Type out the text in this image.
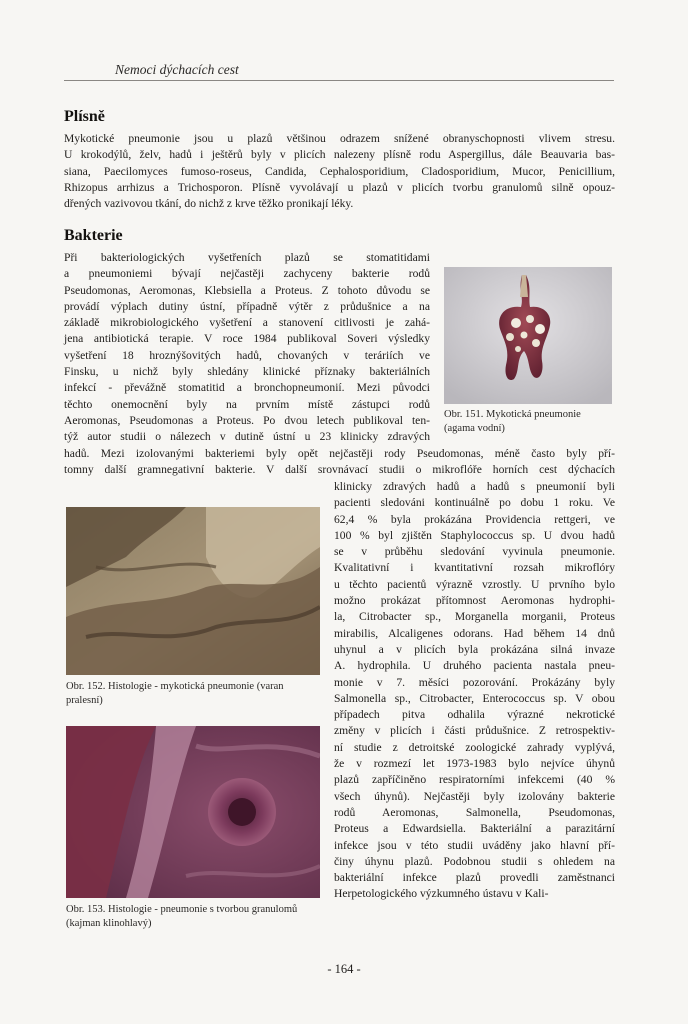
Nemoci dýchacích cest
Plísně
Mykotické pneumonie jsou u plazů většinou odrazem snížené obranyschopnosti vlivem stresu.
U krokodýlů, želv, hadů i ještěrů byly v plicích nalezeny plísně rodu Aspergillus, dále Beauvaria bas-
siana, Paecilomyces fumoso-roseus, Candida, Cephalosporidium, Cladosporidium, Mucor, Penicillium,
Rhizopus arrhizus a Trichosporon. Plísně vyvolávají u plazů v plicích tvorbu granulomů silně opouz-
dřených vazivovou tkání, do nichž z krve těžko pronikají léky.
Bakterie
Při bakteriologických vyšetřeních plazů se stomatitidami
a pneumoniemi bývají nejčastěji zachyceny bakterie rodů
Pseudomonas, Aeromonas, Klebsiella a Proteus. Z tohoto důvodu se
provádí výplach dutiny ústní, případně výtěr z průdušnice a na
základě mikrobiologického vyšetření a stanovení citlivosti je zahá-
jena antibiotická terapie. V roce 1984 publikoval Soveri výsledky
vyšetření 18 hroznýšovitých hadů, chovaných v teráriích ve
Finsku, u nichž byly shledány klinické příznaky bakteriálních
infekcí - převážně stomatitid a bronchopneumonií. Mezi původci
těchto onemocnění byly na prvním místě zástupci rodů
Aeromonas, Pseudomonas a Proteus. Po dvou letech publikoval ten-
týž autor studii o nálezech v dutině ústní u 23 klinicky zdravých
hadů. Mezi izolovanými bakteriemi byly opět nejčastěji rody Pseudomonas, méně často byly pří-
tomny další gramnegativní bakterie. V další srovnávací studii o mikroflóře horních cest dýchacích
klinicky zdravých hadů a hadů s pneumonií byli
pacienti sledováni kontinuálně po dobu 1 roku. Ve
62,4 % byla prokázána Providencia rettgeri, ve
100 % byl zjištěn Staphylococcus sp. U dvou hadů
se v průběhu sledování vyvinula pneumonie.
Kvalitativní i kvantitativní rozsah mikroflóry
u těchto pacientů výrazně vzrostly. U prvního bylo
možno prokázat přítomnost Aeromonas hydrophi-
la, Citrobacter sp., Morganella morganii, Proteus
mirabilis, Alcaligenes odorans. Had během 14 dnů
uhynul a v plicích byla prokázána silná invaze
A. hydrophila. U druhého pacienta nastala pneu-
monie v 7. měsíci pozorování. Prokázány byly
Salmonella sp., Citrobacter, Enterococcus sp. V obou
případech pitva odhalila výrazné nekrotické
změny v plicích i části průdušnice. Z retrospektiv-
ní studie z detroitské zoologické zahrady vyplývá,
že v rozmezí let 1973-1983 bylo nejvíce úhynů
plazů zapříčiněno respiratorními infekcemi (40 %
všech úhynů). Nejčastěji byly izolovány bakterie
rodů Aeromonas, Salmonella, Pseudomonas,
Proteus a Edwardsiella. Bakteriální a parazitární
infekce jsou v této studii uváděny jako hlavní pří-
činy úhynu plazů. Podobnou studii s ohledem na
bakteriální infekce plazů provedli zaměstnanci
Herpetologického výzkumného ústavu v Kali-

Obr. 151. Mykotická pneumonie (agama vodní)

Obr. 152. Histologie - mykotická pneumonie (varan pralesní)

Obr. 153. Histologie - pneumonie s tvorbou granulomů (kajman klinohlavý)

- 164 -
